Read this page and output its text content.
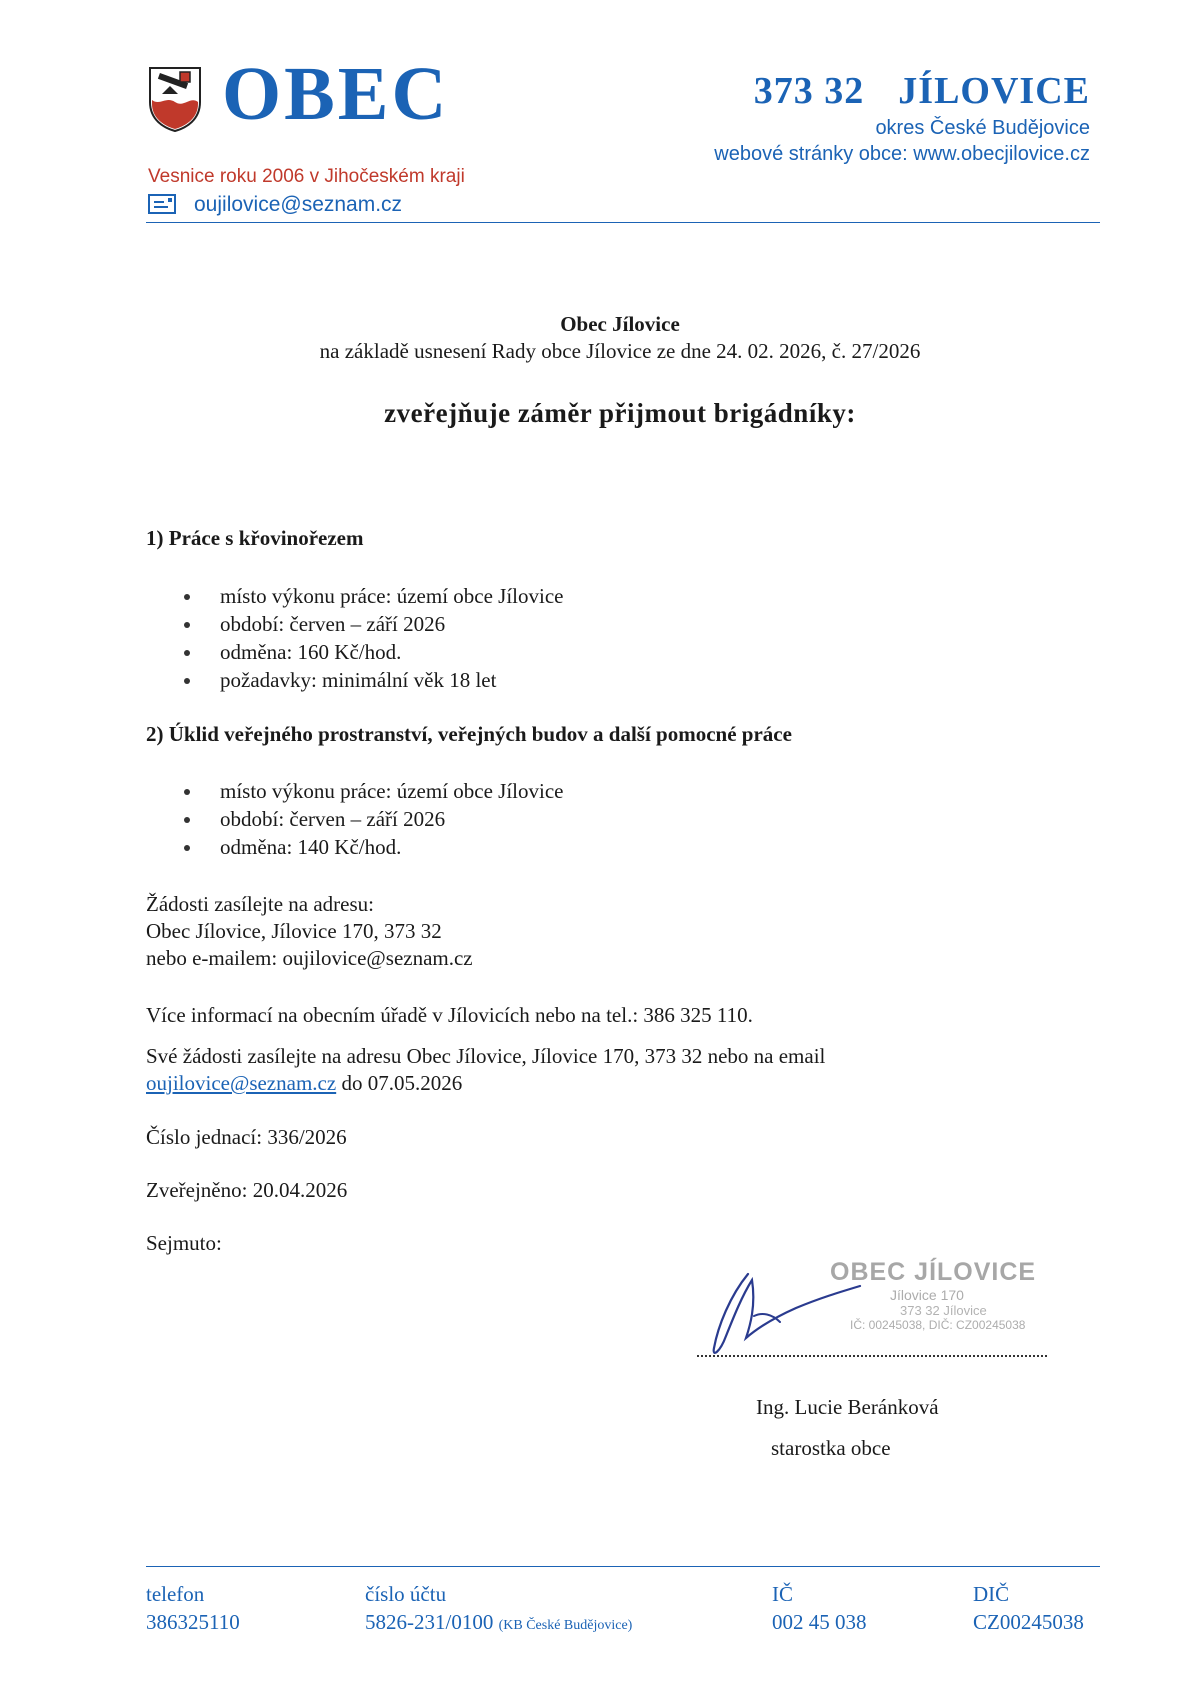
OBEC
Vesnice roku 2006 v Jihočeském kraji
oujilovice@seznam.cz
373 32 JÍLOVICE
okres České Budějovice
webové stránky obce: www.obecjilovice.cz
Obec Jílovice
na základě usnesení Rady obce Jílovice ze dne 24. 02. 2026, č. 27/2026
zveřejňuje záměr přijmout brigádníky:
1) Práce s křovinořezem
místo výkonu práce: území obce Jílovice
období: červen – září 2026
odměna: 160 Kč/hod.
požadavky: minimální věk 18 let
2) Úklid veřejného prostranství, veřejných budov a další pomocné práce
místo výkonu práce: území obce Jílovice
období: červen – září 2026
odměna: 140 Kč/hod.
Žádosti zasílejte na adresu:
Obec Jílovice, Jílovice 170, 373 32
nebo e-mailem: oujilovice@seznam.cz
Více informací na obecním úřadě v Jílovicích nebo na tel.: 386 325 110.
Své žádosti zasílejte na adresu Obec Jílovice, Jílovice 170, 373 32 nebo na email
oujilovice@seznam.cz do 07.05.2026
Číslo jednací: 336/2026
Zveřejněno: 20.04.2026
Sejmuto:
OBEC JÍLOVICE
Jílovice 170
373 32 Jílovice
IČ: 00245038, DIČ: CZ00245038
Ing. Lucie Beránková
starostka obce
telefon
386325110
číslo účtu
5826-231/0100 (KB České Budějovice)
IČ
002 45 038
DIČ
CZ00245038
